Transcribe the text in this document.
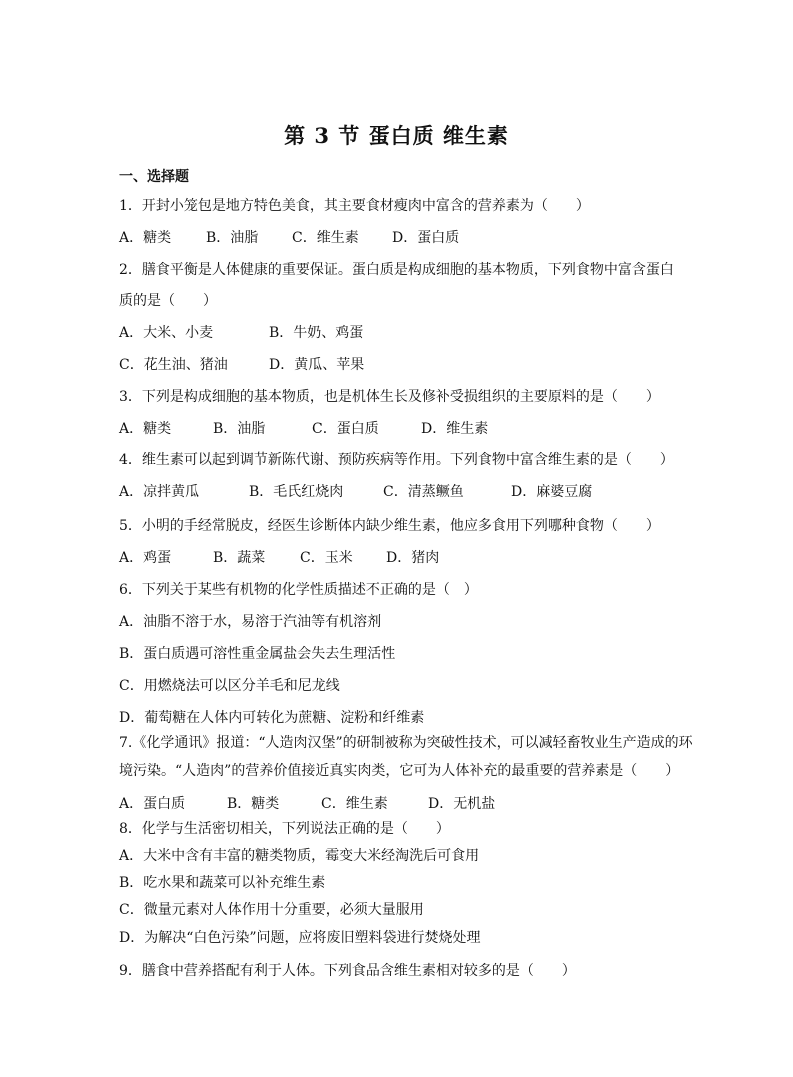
第 3 节 蛋白质 维生素
一、选择题
1．开封小笼包是地方特色美食，其主要食材瘦肉中富含的营养素为（　　）
A．糖类 B．油脂 C．维生素 D．蛋白质
2．膳食平衡是人体健康的重要保证。蛋白质是构成细胞的基本物质，下列食物中富含蛋白
质的是（　　）
A．大米、小麦	B．牛奶、鸡蛋
C．花生油、猪油	D．黄瓜、苹果
3．下列是构成细胞的基本物质，也是机体生长及修补受损组织的主要原料的是（　　）
A．糖类	B．油脂	C．蛋白质	D．维生素
4．维生素可以起到调节新陈代谢、预防疾病等作用。下列食物中富含维生素的是（　　）
A．凉拌黄瓜	B．毛氏红烧肉	C．清蒸鳜鱼	D．麻婆豆腐
5．小明的手经常脱皮，经医生诊断体内缺少维生素，他应多食用下列哪种食物（　　）
A．鸡蛋	B．蔬菜 C．玉米 D．猪肉
6．下列关于某些有机物的化学性质描述不正确的是（　）
A．油脂不溶于水，易溶于汽油等有机溶剂
B．蛋白质遇可溶性重金属盐会失去生理活性
C．用燃烧法可以区分羊毛和尼龙线
D．葡萄糖在人体内可转化为蔗糖、淀粉和纤维素
7.《化学通讯》报道：“人造肉汉堡”的研制被称为突破性技术，可以减轻畜牧业生产造成的环
境污染。“人造肉”的营养价值接近真实肉类，它可为人体补充的最重要的营养素是（　　）
A．蛋白质	B．糖类	C．维生素	D．无机盐
8．化学与生活密切相关，下列说法正确的是（　　）
A．大米中含有丰富的糖类物质，霉变大米经淘洗后可食用
B．吃水果和蔬菜可以补充维生素
C．微量元素对人体作用十分重要，必须大量服用
D．为解决“白色污染”问题，应将废旧塑料袋进行焚烧处理
9．膳食中营养搭配有利于人体。下列食品含维生素相对较多的是（　　）
